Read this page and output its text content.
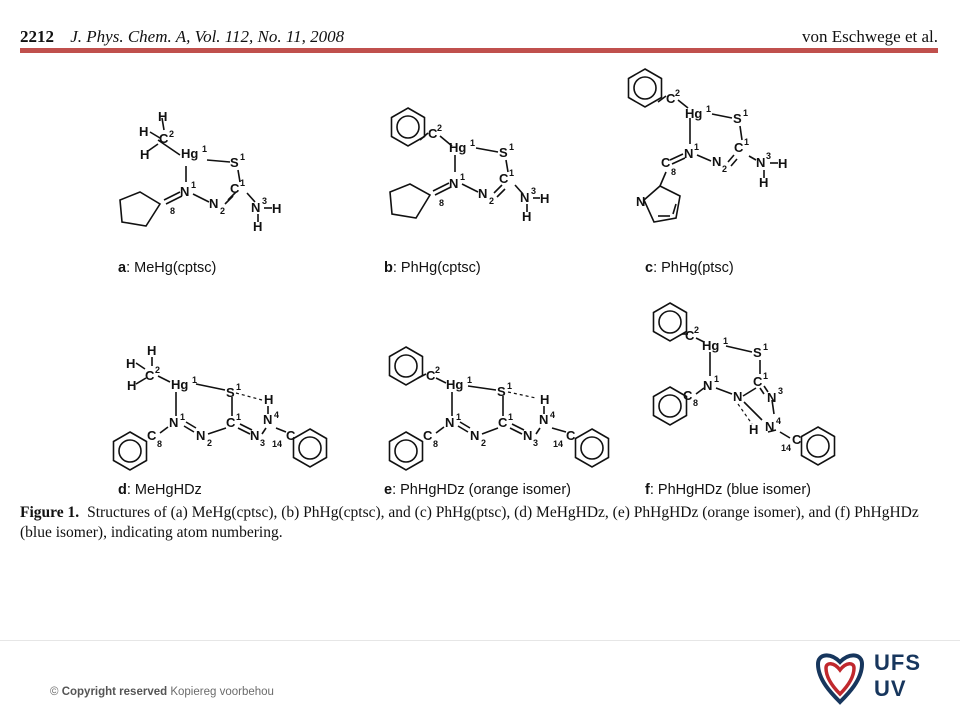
2212 J. Phys. Chem. A, Vol. 112, No. 11, 2008	von Eschwege et al.
H
H C 2
H Hg 1
S 1
N 1	C 1
N 2 N 3 H
H
8
C 2
Hg 1
S 1
N 1	C 1
N 2 N 3 H
H
8
C 2
Hg 1
S 1
N 1	C 1
N 2 N 3 H
H
C
8
N
H
H
C 2
H	Hg 1
S 1
H
N 4
N 1	C 1
N 2	N 3
C
8
C
14
C 2
Hg 1
S 1
H
N 4
N 1	C 1
N 2	N 3
C
8
C
14
C 2
Hg 1
S 1
N 1	C 1
N N 3
N 4
H
C 8
C
14
a: MeHg(cptsc)	b: PhHg(cptsc)	c: PhHg(ptsc)
d: MeHgHDz	e: PhHgHDz (orange isomer)	f: PhHgHDz (blue isomer)
Figure 1. Structures of (a) MeHg(cptsc), (b) PhHg(cptsc), and (c) PhHg(ptsc), (d) MeHgHDz, (e) PhHgHDz (orange isomer), and (f) PhHgHDz (blue isomer), indicating atom numbering.
© Copyright reserved Kopiereg voorbehou
UFS
UV
